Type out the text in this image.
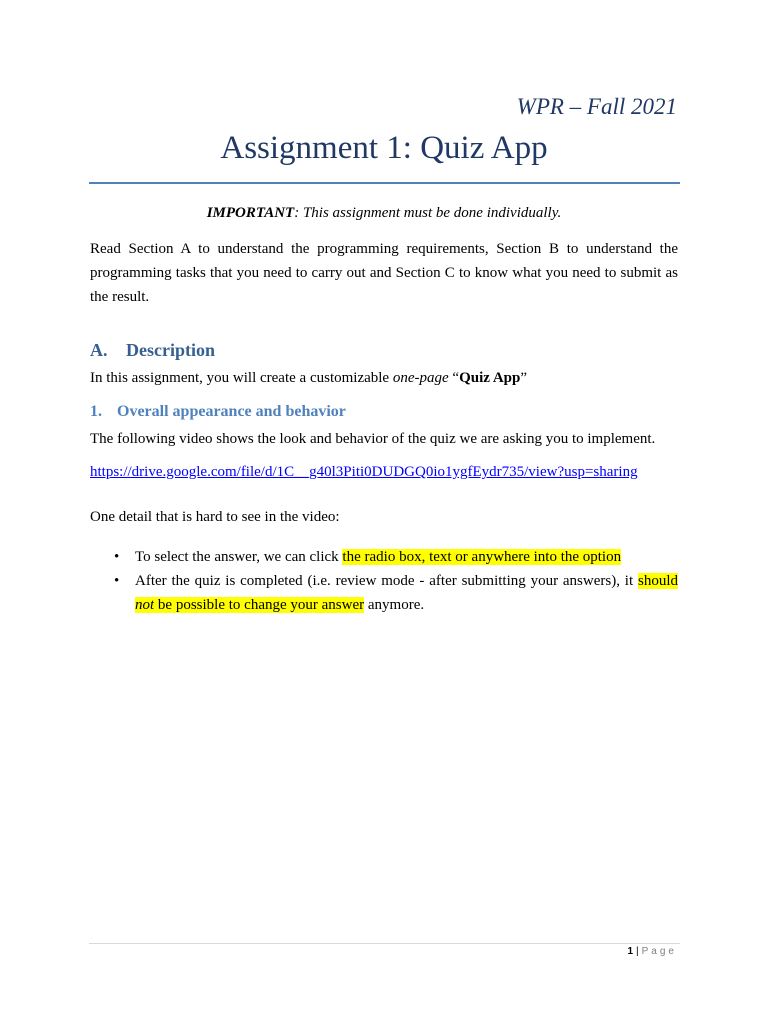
WPR – Fall 2021
Assignment 1: Quiz App
IMPORTANT: This assignment must be done individually.
Read Section A to understand the programming requirements, Section B to understand the programming tasks that you need to carry out and Section C to know what you need to submit as the result.
A. Description
In this assignment, you will create a customizable one-page “Quiz App”
1. Overall appearance and behavior
The following video shows the look and behavior of the quiz we are asking you to implement.
https://drive.google.com/file/d/1C__g40l3Piti0DUDGQ0io1ygfEydr735/view?usp=sharing
One detail that is hard to see in the video:
• To select the answer, we can click the radio box, text or anywhere into the option
• After the quiz is completed (i.e. review mode - after submitting your answers), it should not be possible to change your answer anymore.
1 | Page
